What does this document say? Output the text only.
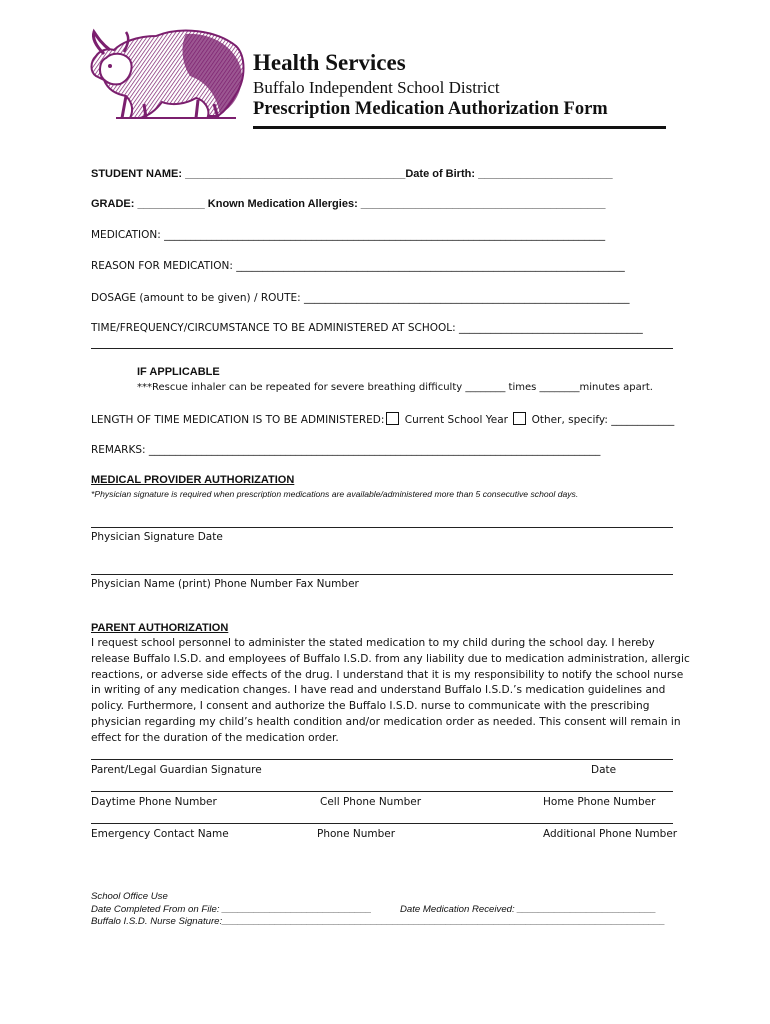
Health Services
Buffalo Independent School District
Prescription Medication Authorization Form
STUDENT NAME: ____________________________________Date of Birth: ______________________
GRADE: ___________ Known Medication Allergies: ________________________________________
MEDICATION: ____________________________________________________________________________________
REASON FOR MEDICATION: __________________________________________________________________________
DOSAGE (amount to be given) / ROUTE: ______________________________________________________________
TIME/FREQUENCY/CIRCUMSTANCE TO BE ADMINISTERED AT SCHOOL: ___________________________________
IF APPLICABLE
***Rescue inhaler can be repeated for severe breathing difficulty ________ times ________minutes apart.
LENGTH OF TIME MEDICATION IS TO BE ADMINISTERED: Current School Year Other, specify: ____________
REMARKS: ______________________________________________________________________________________
MEDICAL PROVIDER AUTHORIZATION
*Physician signature is required when prescription medications are available/administered more than 5 consecutive school days.
Physician Signature Date
Physician Name (print) Phone Number Fax Number
PARENT AUTHORIZATION
I request school personnel to administer the stated medication to my child during the school day. I hereby release Buffalo I.S.D. and employees of Buffalo I.S.D. from any liability due to medication administration, allergic reactions, or adverse side effects of the drug. I understand that it is my responsibility to notify the school nurse in writing of any medication changes. I have read and understand Buffalo I.S.D.’s medication guidelines and policy. Furthermore, I consent and authorize the Buffalo I.S.D. nurse to communicate with the prescribing physician regarding my child’s health condition and/or medication order as needed. This consent will remain in effect for the duration of the medication order.
Parent/Legal Guardian Signature	Date
Daytime Phone Number	Cell Phone Number	Home Phone Number
Emergency Contact Name	Phone Number	Additional Phone Number
School Office Use
Date Completed From on File: ____________________________	Date Medication Received: __________________________
Buffalo I.S.D. Nurse Signature:___________________________________________________________________________________
